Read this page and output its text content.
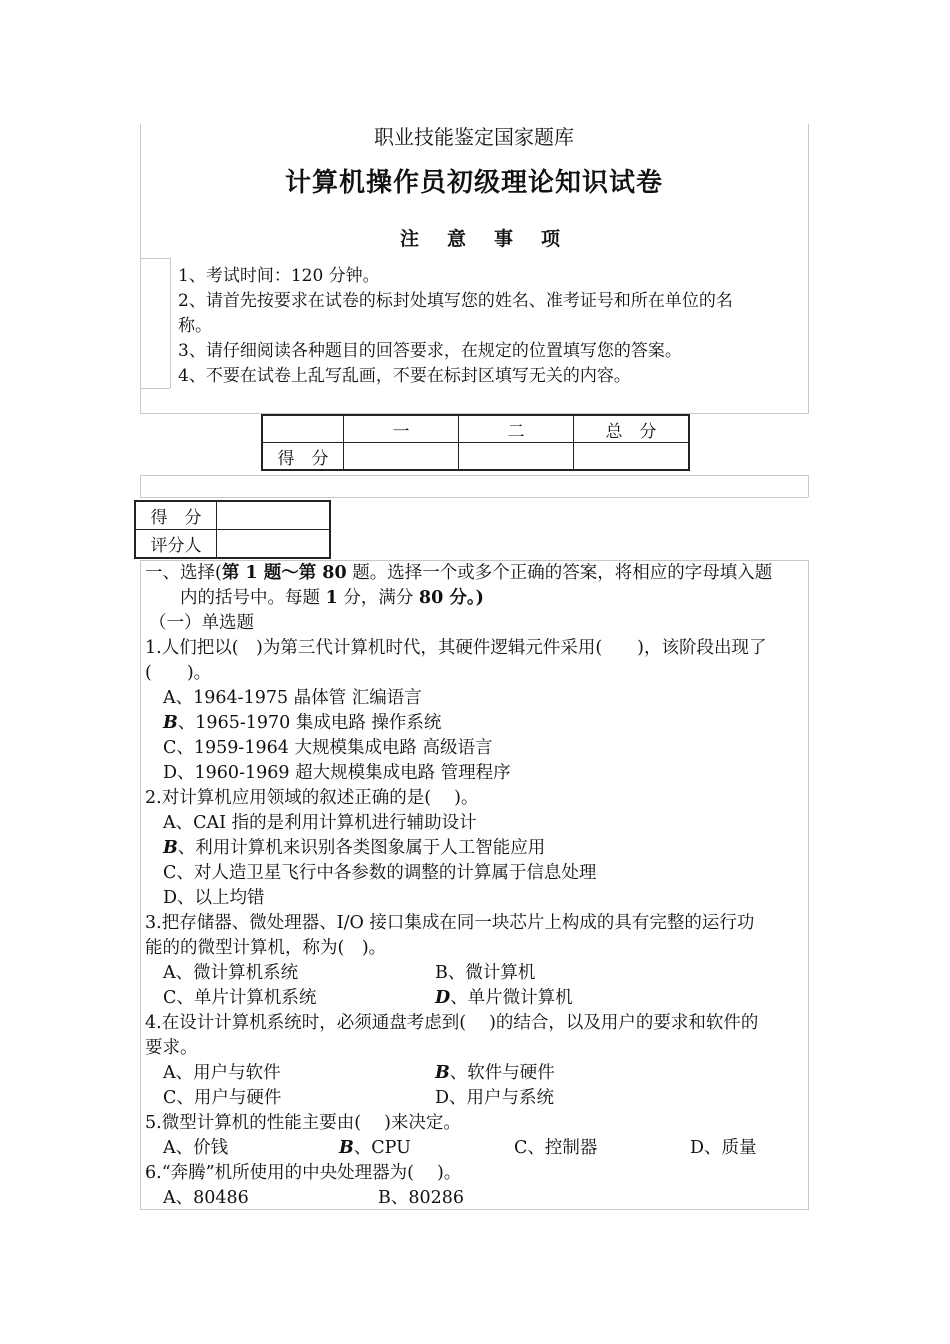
职业技能鉴定国家题库
计算机操作员初级理论知识试卷
注意事项
1、考试时间：120 分钟。
2、请首先按要求在试卷的标封处填写您的姓名、准考证号和所在单位的名
称。
3、请仔细阅读各种题目的回答要求，在规定的位置填写您的答案。
4、不要在试卷上乱写乱画，不要在标封区填写无关的内容。
	一	二	总　分
得　分			
得　分	
评分人	
一、选择(第 1 题～第 80 题。选择一个或多个正确的答案，将相应的字母填入题
内的括号中。每题 1 分，满分 80 分。)
（一）单选题
1.人们把以(　)为第三代计算机时代，其硬件逻辑元件采用(　　)，该阶段出现了
(　　)。
A、1964-1975 晶体管 汇编语言
B、1965-1970 集成电路 操作系统
C、1959-1964 大规模集成电路 高级语言
D、1960-1969 超大规模集成电路 管理程序
2.对计算机应用领域的叙述正确的是(　 )。
A、CAI 指的是利用计算机进行辅助设计
B、利用计算机来识别各类图象属于人工智能应用
C、对人造卫星飞行中各参数的调整的计算属于信息处理
D、以上均错
3.把存储器、微处理器、I/O 接口集成在同一块芯片上构成的具有完整的运行功
能的的微型计算机，称为(　)。
A、微计算机系统	B、微计算机
C、单片计算机系统	D、单片微计算机
4.在设计计算机系统时，必须通盘考虑到(　 )的结合，以及用户的要求和软件的
要求。
A、用户与软件	B、软件与硬件
C、用户与硬件	D、用户与系统
5.微型计算机的性能主要由(　 )来决定。
A、价钱	B、CPU	C、控制器	D、质量
6.“奔腾”机所使用的中央处理器为(　 )。
A、80486	B、80286
